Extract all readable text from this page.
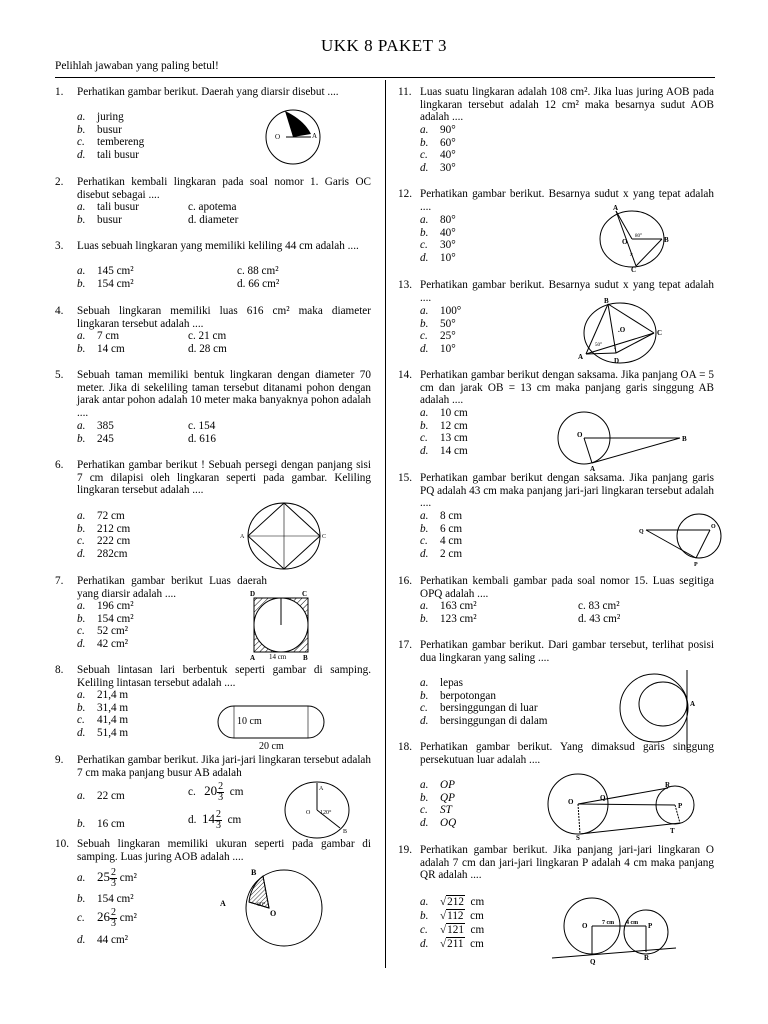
UKK 8 PAKET 3
Pelihlah jawaban yang paling betul!
1. Perhatikan gambar berikut. Daerah yang diarsir disebut ....
a. juring
b. busur
c. tembereng
d. tali busur
O
C
A
2. Perhatikan kembali lingkaran pada soal nomor 1. Garis OC disebut sebagai ....
a. tali busur
b. busur
c. apotema
d. diameter
3. Luas sebuah lingkaran yang memiliki keliling 44 cm adalah ....
a. 145 cm²
b. 154 cm²
c. 88 cm²
d. 66 cm²
4. Sebuah lingkaran memiliki luas 616 cm² maka diameter lingkaran tersebut adalah ....
a. 7 cm
b. 14 cm
c. 21 cm
d. 28 cm
5. Sebuah taman memiliki bentuk lingkaran dengan diameter 70 meter. Jika di sekeliling taman tersebut ditanami pohon dengan jarak antar pohon adalah 10 meter maka banyaknya pohon adalah ....
a. 385
b. 245
c. 154
d. 616
6. Perhatikan gambar berikut ! Sebuah persegi dengan panjang sisi 7 cm dilapisi oleh lingkaran seperti pada gambar. Keliling lingkaran tersebut adalah ....
a. 72 cm
b. 212 cm
c. 222 cm
d. 282cm
A	C
7. Perhatikan gambar berikut Luas daerah yang diarsir adalah ....
a. 196 cm²
b. 154 cm²
c. 52 cm²
d. 42 cm²
D	C
A	B
14 cm
8. Sebuah lintasan lari berbentuk seperti gambar di samping. Keliling lintasan tersebut adalah ....
a. 21,4 m
b. 31,4 m
c. 41,4 m
d. 51,4 m
10 cm
20 cm
9. Perhatikan gambar berikut. Jika jari-jari lingkaran tersebut adalah 7 cm maka panjang busur AB adalah
a. 22 cm
b. 16 cm
c. $20 \frac{2}{3}$ cm
d. $14 \frac{2}{3}$ cm
O
A
B
120°
10. Sebuah lingkaran memiliki ukuran seperti pada gambar di samping. Luas juring AOB adalah ....
a. $25 \frac{2}{3} cm^2$
b. 154 cm²
c. $26 \frac{2}{3} cm^2$
d. 44 cm²
A
B
O
60°
11. Luas suatu lingkaran adalah 108 cm². Jika luas juring AOB pada lingkaran tersebut adalah 12 cm² maka besarnya sudut AOB adalah ....
a. 90°
b. 60°
c. 40°
d. 30°
12. Perhatikan gambar berikut. Besarnya sudut x yang tepat adalah ....
a. 80°
b. 40°
c. 30°
d. 10°
A
B
C
O
80°
x
13. Perhatikan gambar berikut. Besarnya sudut x yang tepat adalah ....
a. 100°
b. 50°
c. 25°
d. 10°
B
C
A	D
.O
50°
x
14. Perhatikan gambar berikut dengan saksama. Jika panjang OA = 5 cm dan jarak OB = 13 cm maka panjang garis singgung AB adalah ....
a. 10 cm
b. 12 cm
c. 13 cm
d. 14 cm
O	B
A
15. Perhatikan gambar berikut dengan saksama. Jika panjang garis PQ adalah 43 cm maka panjang jari-jari lingkaran tersebut adalah ....
a. 8 cm
b. 6 cm
c. 4 cm
d. 2 cm
Q
P
O
16. Perhatikan kembali gambar pada soal nomor 15. Luas segitiga OPQ adalah ....
a. 163 cm²
b. 123 cm²
c. 83 cm²
d. 43 cm²
17. Perhatikan gambar berikut. Dari gambar tersebut, terlihat posisi dua lingkaran yang saling ....
a. lepas
b. berpotongan
c. bersinggungan di luar
d. bersinggungan di dalam
A
18. Perhatikan gambar berikut. Yang dimaksud garis singgung persekutuan luar adalah ....
a. OP
b. QP
c. ST
d. OQ
O	P
R
Q
S
T
19. Perhatikan gambar berikut. Jika panjang jari-jari lingkaran O adalah 7 cm dan jari-jari lingkaran P adalah 4 cm maka panjang QR adalah ....
a. √212 cm
b. √112 cm
c. √121 cm
d. √211 cm
O	P
Q	R
7 cm 4 cm
